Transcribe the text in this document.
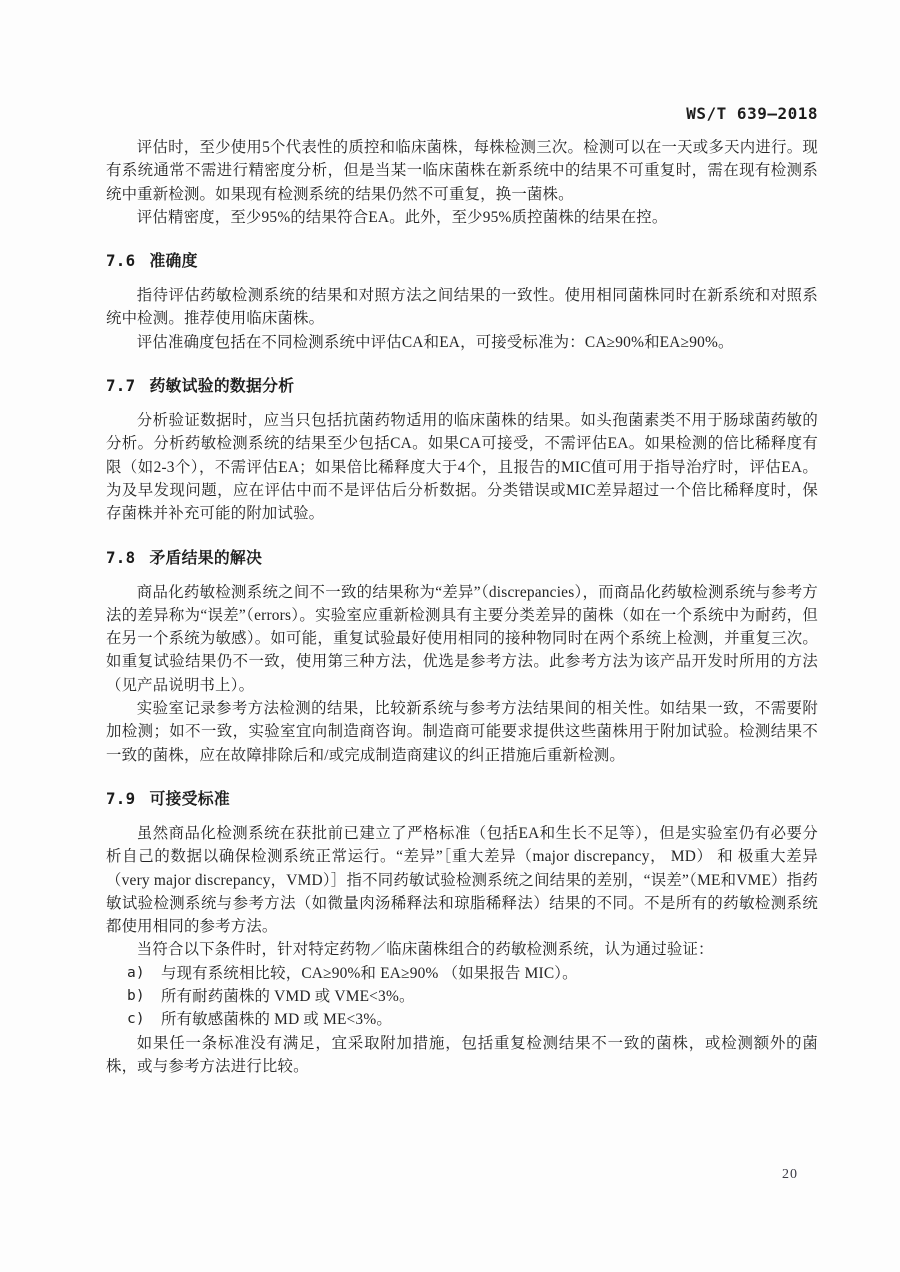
WS/T 639—2018

评估时，至少使用5个代表性的质控和临床菌株，每株检测三次。检测可以在一天或多天内进行。现有系统通常不需进行精密度分析，但是当某一临床菌株在新系统中的结果不可重复时，需在现有检测系统中重新检测。如果现有检测系统的结果仍然不可重复，换一菌株。

评估精密度，至少95%的结果符合EA。此外，至少95%质控菌株的结果在控。

7.6 准确度

指待评估药敏检测系统的结果和对照方法之间结果的一致性。使用相同菌株同时在新系统和对照系统中检测。推荐使用临床菌株。

评估准确度包括在不同检测系统中评估CA和EA，可接受标准为：CA≥90%和EA≥90%。

7.7 药敏试验的数据分析

分析验证数据时，应当只包括抗菌药物适用的临床菌株的结果。如头孢菌素类不用于肠球菌药敏的分析。分析药敏检测系统的结果至少包括CA。如果CA可接受，不需评估EA。如果检测的倍比稀释度有限（如2-3个），不需评估EA；如果倍比稀释度大于4个，且报告的MIC值可用于指导治疗时，评估EA。为及早发现问题，应在评估中而不是评估后分析数据。分类错误或MIC差异超过一个倍比稀释度时，保存菌株并补充可能的附加试验。

7.8 矛盾结果的解决

商品化药敏检测系统之间不一致的结果称为“差异”（discrepancies），而商品化药敏检测系统与参考方法的差异称为“误差”（errors）。实验室应重新检测具有主要分类差异的菌株（如在一个系统中为耐药，但在另一个系统为敏感）。如可能，重复试验最好使用相同的接种物同时在两个系统上检测，并重复三次。如重复试验结果仍不一致，使用第三种方法，优选是参考方法。此参考方法为该产品开发时所用的方法（见产品说明书上）。

实验室记录参考方法检测的结果，比较新系统与参考方法结果间的相关性。如结果一致，不需要附加检测；如不一致，实验室宜向制造商咨询。制造商可能要求提供这些菌株用于附加试验。检测结果不一致的菌株，应在故障排除后和/或完成制造商建议的纠正措施后重新检测。

7.9 可接受标准

虽然商品化检测系统在获批前已建立了严格标准（包括EA和生长不足等），但是实验室仍有必要分析自己的数据以确保检测系统正常运行。“差异”［重大差异（major discrepancy， MD） 和 极重大差异（very major discrepancy，VMD）］指不同药敏试验检测系统之间结果的差别，“误差”（ME和VME）指药敏试验检测系统与参考方法（如微量肉汤稀释法和琼脂稀释法）结果的不同。不是所有的药敏检测系统都使用相同的参考方法。

当符合以下条件时，针对特定药物／临床菌株组合的药敏检测系统，认为通过验证：

a)	与现有系统相比较，CA≥90%和 EA≥90% （如果报告 MIC）。
b)	所有耐药菌株的 VMD 或 VME<3%。
c)	所有敏感菌株的 MD 或 ME<3%。

如果任一条标准没有满足，宜采取附加措施，包括重复检测结果不一致的菌株，或检测额外的菌株，或与参考方法进行比较。

20
